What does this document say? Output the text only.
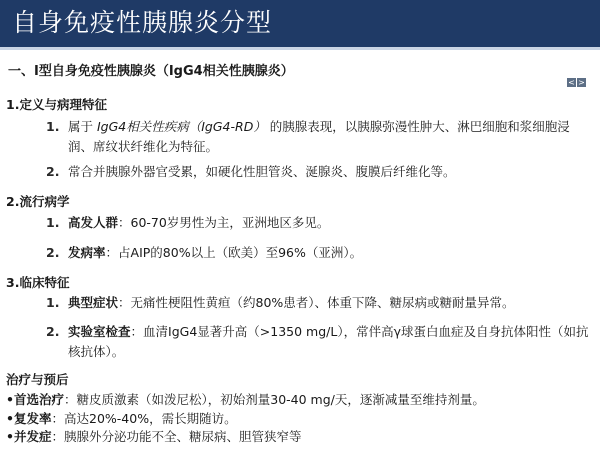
自身免疫性胰腺炎分型
一、Ⅰ型自身免疫性胰腺炎（IgG4相关性胰腺炎）
< >
1.定义与病理特征
1. 属于 IgG4相关性疾病（IgG4-RD） 的胰腺表现，以胰腺弥漫性肿大、淋巴细胞和浆细胞浸润、席纹状纤维化为特征。
2. 常合并胰腺外器官受累，如硬化性胆管炎、涎腺炎、腹膜后纤维化等。
2.流行病学
1. 高发人群：60-70岁男性为主，亚洲地区多见。
2. 发病率：占AIP的80%以上（欧美）至96%（亚洲）。
3.临床特征
1. 典型症状：无痛性梗阻性黄疸（约80%患者）、体重下降、糖尿病或糖耐量异常。
2. 实验室检查：血清IgG4显著升高（>1350 mg/L），常伴高γ球蛋白血症及自身抗体阳性（如抗核抗体）。
治疗与预后
•首选治疗：糖皮质激素（如泼尼松），初始剂量30-40 mg/天，逐渐减量至维持剂量。
•复发率：高达20%-40%，需长期随访。
•并发症：胰腺外分泌功能不全、糖尿病、胆管狭窄等
